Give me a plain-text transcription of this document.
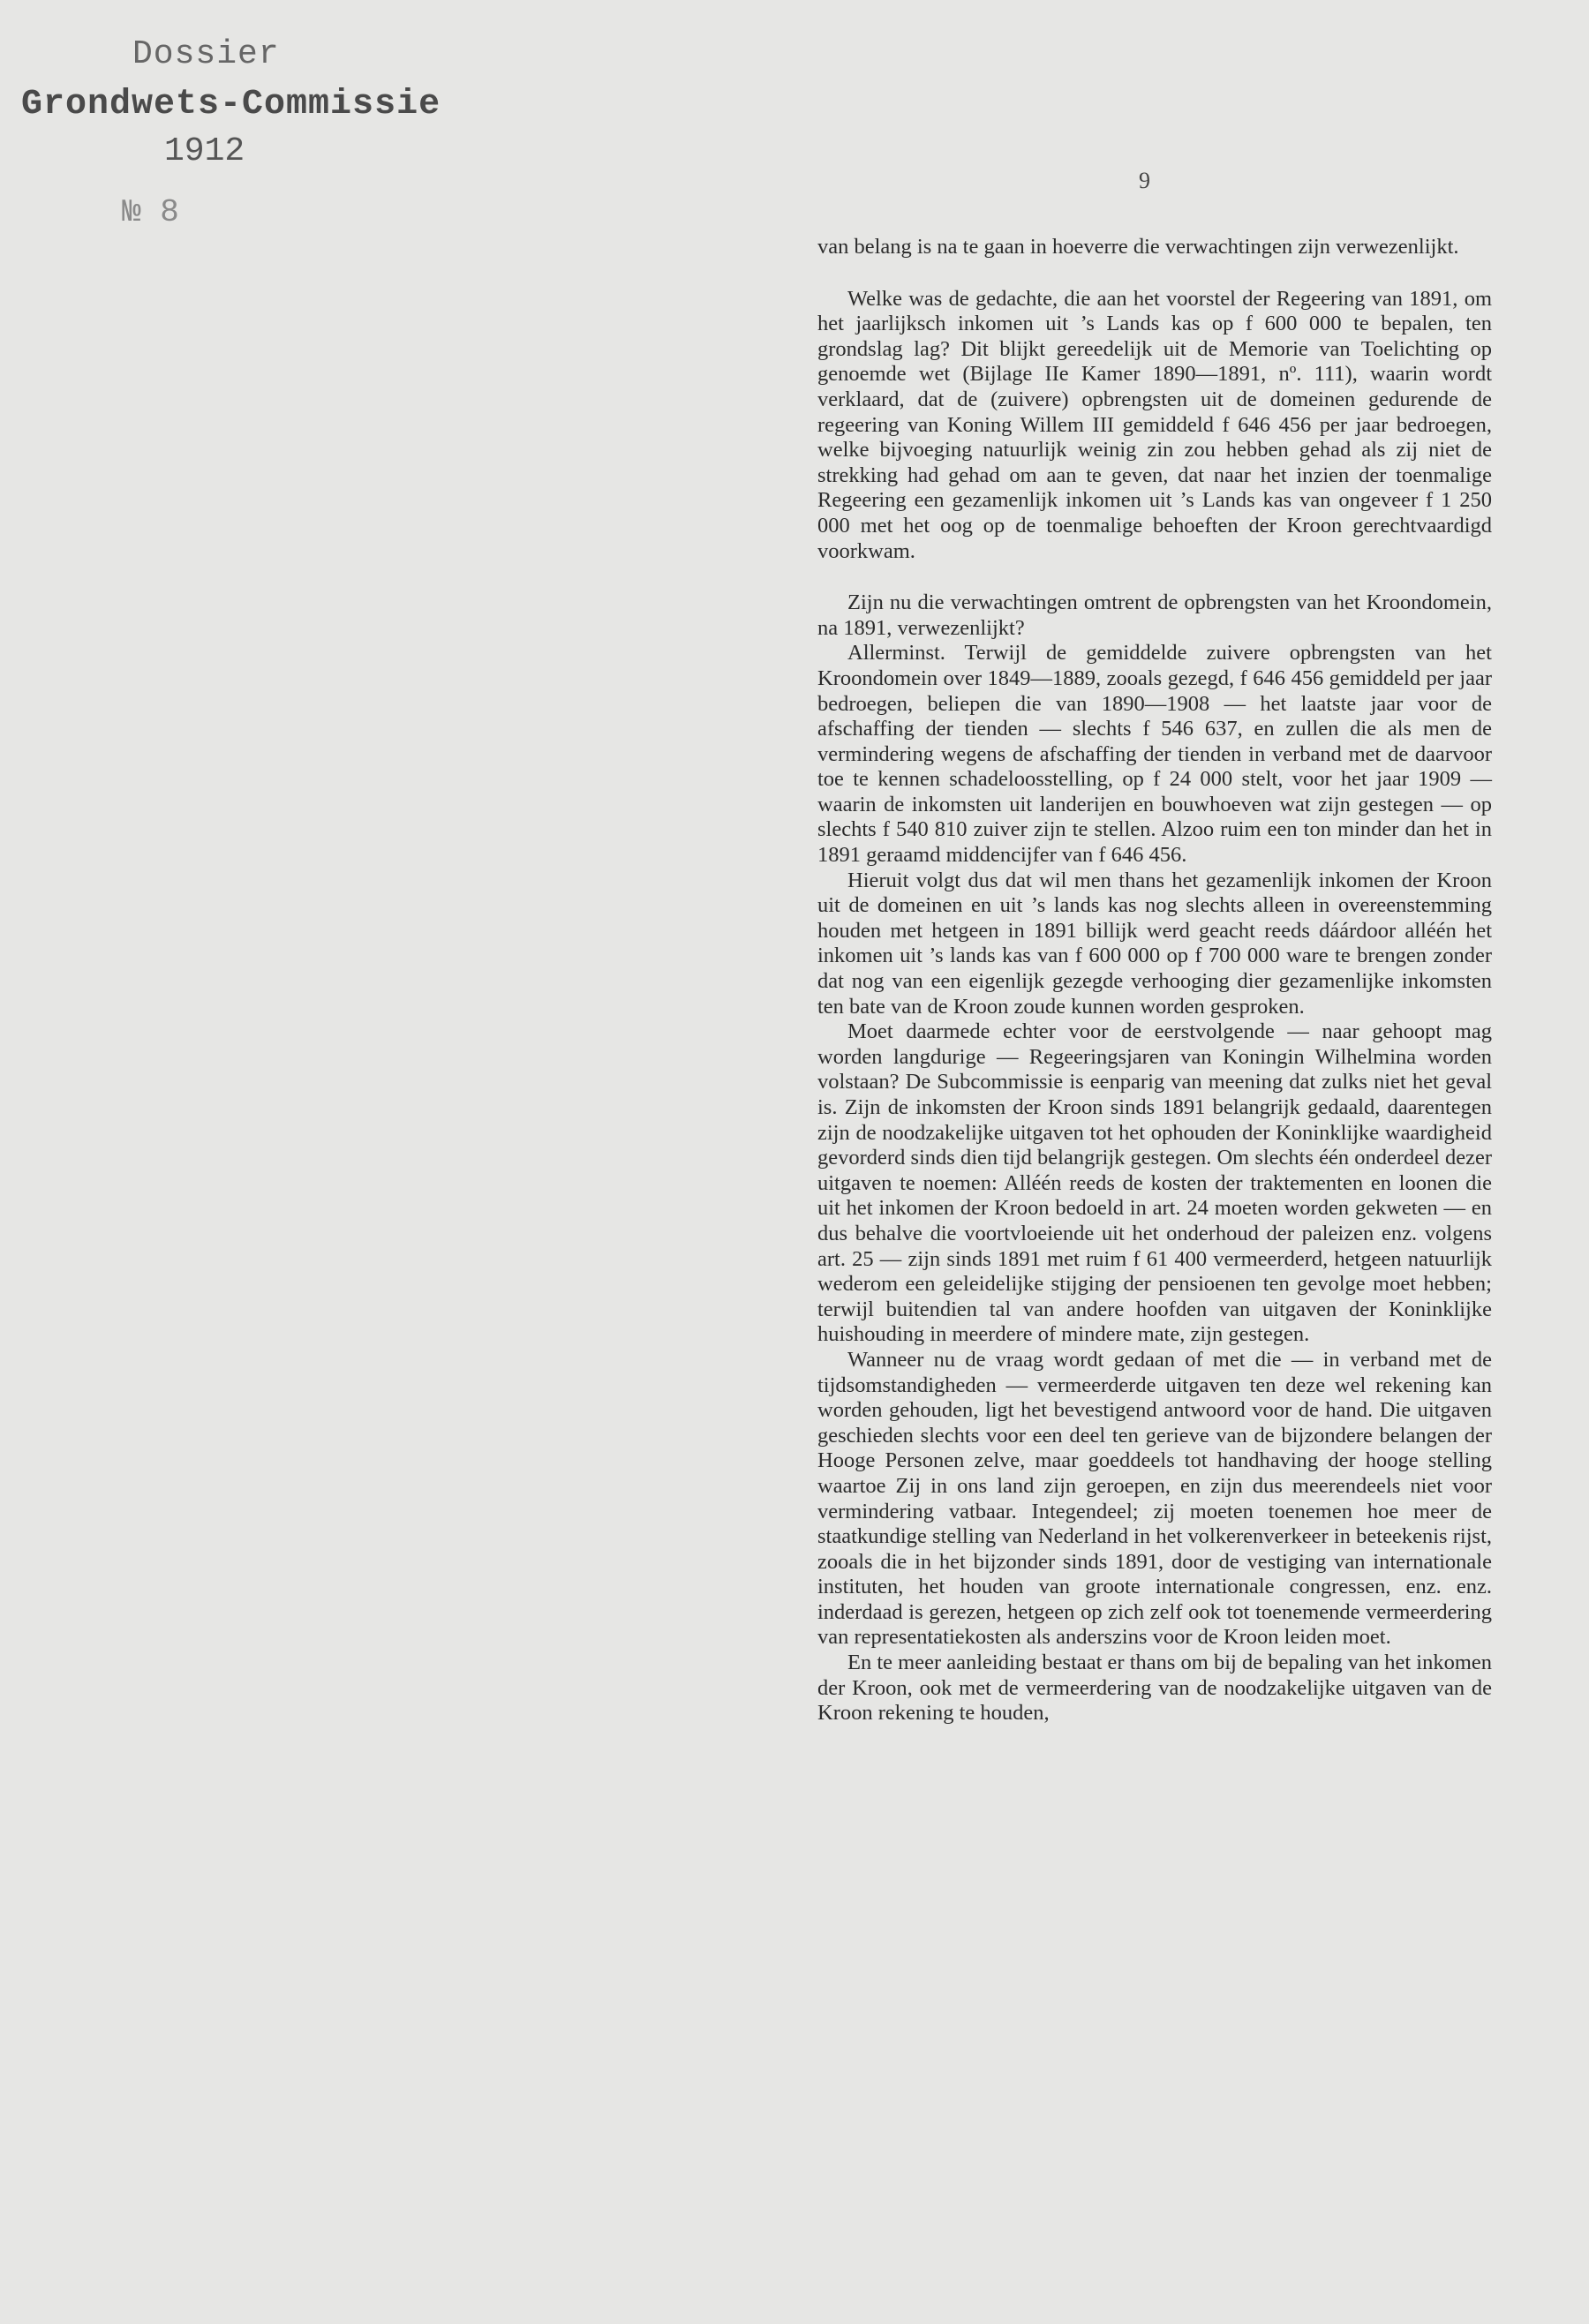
Dossier
Grondwets-Commissie
1912
№ 8
9

van belang is na te gaan in hoeverre die verwachtingen zijn verwezenlijkt.

Welke was de gedachte, die aan het voorstel der Regeering van 1891, om het jaarlijksch inkomen uit ’s Lands kas op f 600 000 te bepalen, ten grondslag lag? Dit blijkt gereedelijk uit de Memorie van Toelichting op genoemde wet (Bijlage IIe Kamer 1890—1891, nº. 111), waarin wordt verklaard, dat de (zuivere) opbrengsten uit de domeinen gedurende de regeering van Koning Willem III gemiddeld f 646 456 per jaar bedroegen, welke bijvoeging natuurlijk weinig zin zou hebben gehad als zij niet de strekking had gehad om aan te geven, dat naar het inzien der toenmalige Regeering een gezamenlijk inkomen uit ’s Lands kas van ongeveer f 1 250 000 met het oog op de toenmalige behoeften der Kroon gerechtvaardigd voorkwam.

Zijn nu die verwachtingen omtrent de opbrengsten van het Kroondomein, na 1891, verwezenlijkt?

Allerminst. Terwijl de gemiddelde zuivere opbrengsten van het Kroondomein over 1849—1889, zooals gezegd, f 646 456 gemiddeld per jaar bedroegen, beliepen die van 1890—1908 — het laatste jaar voor de afschaffing der tienden — slechts f 546 637, en zullen die als men de vermindering wegens de afschaffing der tienden in verband met de daarvoor toe te kennen schadeloosstelling, op f 24 000 stelt, voor het jaar 1909 — waarin de inkomsten uit landerijen en bouwhoeven wat zijn gestegen — op slechts f 540 810 zuiver zijn te stellen. Alzoo ruim een ton minder dan het in 1891 geraamd middencijfer van f 646 456.

Hieruit volgt dus dat wil men thans het gezamenlijk inkomen der Kroon uit de domeinen en uit ’s lands kas nog slechts alleen in overeenstemming houden met hetgeen in 1891 billijk werd geacht reeds dáárdoor alléén het inkomen uit ’s lands kas van f 600 000 op f 700 000 ware te brengen zonder dat nog van een eigenlijk gezegde verhooging dier gezamenlijke inkomsten ten bate van de Kroon zoude kunnen worden gesproken.

Moet daarmede echter voor de eerstvolgende — naar gehoopt mag worden langdurige — Regeeringsjaren van Koningin Wilhelmina worden volstaan? De Subcommissie is eenparig van meening dat zulks niet het geval is. Zijn de inkomsten der Kroon sinds 1891 belangrijk gedaald, daarentegen zijn de noodzakelijke uitgaven tot het ophouden der Koninklijke waardigheid gevorderd sinds dien tijd belangrijk gestegen. Om slechts één onderdeel dezer uitgaven te noemen: Alléén reeds de kosten der traktementen en loonen die uit het inkomen der Kroon bedoeld in art. 24 moeten worden gekweten — en dus behalve die voortvloeiende uit het onderhoud der paleizen enz. volgens art. 25 — zijn sinds 1891 met ruim f 61 400 vermeerderd, hetgeen natuurlijk wederom een geleidelijke stijging der pensioenen ten gevolge moet hebben; terwijl buitendien tal van andere hoofden van uitgaven der Koninklijke huishouding in meerdere of mindere mate, zijn gestegen.

Wanneer nu de vraag wordt gedaan of met die — in verband met de tijdsomstandigheden — vermeerderde uitgaven ten deze wel rekening kan worden gehouden, ligt het bevestigend antwoord voor de hand. Die uitgaven geschieden slechts voor een deel ten gerieve van de bijzondere belangen der Hooge Personen zelve, maar goeddeels tot handhaving der hooge stelling waartoe Zij in ons land zijn geroepen, en zijn dus meerendeels niet voor vermindering vatbaar. Integendeel; zij moeten toenemen hoe meer de staatkundige stelling van Nederland in het volkerenverkeer in beteekenis rijst, zooals die in het bijzonder sinds 1891, door de vestiging van internationale instituten, het houden van groote internationale congressen, enz. enz. inderdaad is gerezen, hetgeen op zich zelf ook tot toenemende vermeerdering van representatiekosten als anderszins voor de Kroon leiden moet.

En te meer aanleiding bestaat er thans om bij de bepaling van het inkomen der Kroon, ook met de vermeerdering van de noodzakelijke uitgaven van de Kroon rekening te houden,
